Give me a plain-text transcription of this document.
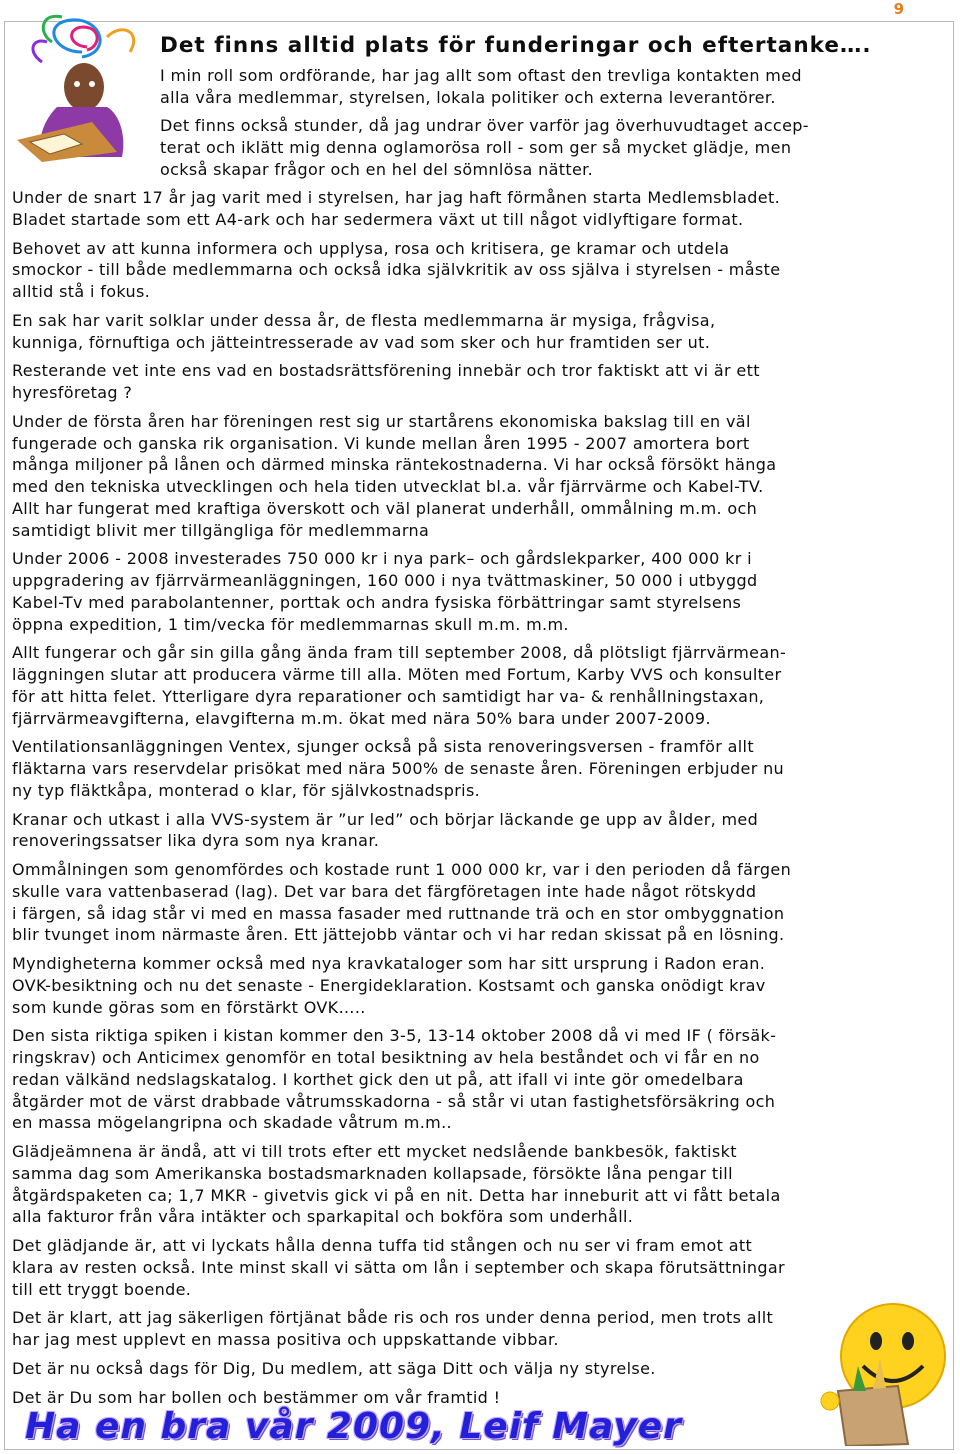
9
Det finns alltid plats för funderingar och eftertanke….

I min roll som ordförande, har jag allt som oftast den trevliga kontakten med
alla våra medlemmar, styrelsen, lokala politiker och externa leverantörer.

Det finns också stunder, då jag undrar över varför jag överhuvudtaget accep-
terat och iklätt mig denna oglamorösa roll - som ger så mycket glädje, men
också skapar frågor och en hel del sömnlösa nätter.

Under de snart 17 år jag varit med i styrelsen, har jag haft förmånen starta Medlemsbladet.
Bladet startade som ett A4-ark och har sedermera växt ut till något vidlyftigare format.

Behovet av att kunna informera och upplysa, rosa och kritisera, ge kramar och utdela
smockor - till både medlemmarna och också idka självkritik av oss själva i styrelsen - måste
alltid stå i fokus.

En sak har varit solklar under dessa år, de flesta medlemmarna är mysiga, frågvisa,
kunniga, förnuftiga och jätteintresserade av vad som sker och hur framtiden ser ut.

Resterande vet inte ens vad en bostadsrättsförening innebär och tror faktiskt att vi är ett
hyresföretag ?

Under de första åren har föreningen rest sig ur startårens ekonomiska bakslag till en väl
fungerade och ganska rik organisation. Vi kunde mellan åren 1995 - 2007 amortera bort
många miljoner på lånen och därmed minska räntekostnaderna. Vi har också försökt hänga
med den tekniska utvecklingen och hela tiden utvecklat bl.a. vår fjärrvärme och Kabel-TV.
Allt har fungerat med kraftiga överskott och väl planerat underhåll, ommålning m.m. och
samtidigt blivit mer tillgängliga för medlemmarna

Under 2006 - 2008 investerades 750 000 kr i nya park– och gårdslekparker, 400 000 kr i
uppgradering av fjärrvärmeanläggningen, 160 000 i nya tvättmaskiner, 50 000 i utbyggd
Kabel-Tv med parabolantenner, porttak och andra fysiska förbättringar samt styrelsens
öppna expedition, 1 tim/vecka för medlemmarnas skull m.m. m.m.

Allt fungerar och går sin gilla gång ända fram till september 2008, då plötsligt fjärrvärmean-
läggningen slutar att producera värme till alla. Möten med Fortum, Karby VVS och konsulter
för att hitta felet. Ytterligare dyra reparationer och samtidigt har va- & renhållningstaxan,
fjärrvärmeavgifterna, elavgifterna m.m. ökat med nära 50% bara under 2007-2009.

Ventilationsanläggningen Ventex, sjunger också på sista renoveringsversen - framför allt
fläktarna vars reservdelar prisökat med nära 500% de senaste åren. Föreningen erbjuder nu
ny typ fläktkåpa, monterad o klar, för självkostnadspris.

Kranar och utkast i alla VVS-system är ”ur led” och börjar läckande ge upp av ålder, med
renoveringssatser lika dyra som nya kranar.

Ommålningen som genomfördes och kostade runt 1 000 000 kr, var i den perioden då färgen
skulle vara vattenbaserad (lag). Det var bara det färgföretagen inte hade något rötskydd
i färgen, så idag står vi med en massa fasader med ruttnande trä och en stor ombyggnation
blir tvunget inom närmaste åren. Ett jättejobb väntar och vi har redan skissat på en lösning.

Myndigheterna kommer också med nya kravkataloger som har sitt ursprung i Radon eran.
OVK-besiktning och nu det senaste - Energideklaration. Kostsamt och ganska onödigt krav
som kunde göras som en förstärkt OVK…..

Den sista riktiga spiken i kistan kommer den 3-5, 13-14 oktober 2008 då vi med IF ( försäk-
ringskrav) och Anticimex genomför en total besiktning av hela beståndet och vi får en no
redan välkänd nedslagskatalog. I korthet gick den ut på, att ifall vi inte gör omedelbara
åtgärder mot de värst drabbade våtrumsskadorna - så står vi utan fastighetsförsäkring och
en massa mögelangripna och skadade våtrum m.m..

Glädjeämnena är ändå, att vi till trots efter ett mycket nedslående bankbesök, faktiskt
samma dag som Amerikanska bostadsmarknaden kollapsade, försökte låna pengar till
åtgärdspaketen ca; 1,7 MKR - givetvis gick vi på en nit. Detta har inneburit att vi fått betala
alla fakturor från våra intäkter och sparkapital och bokföra som underhåll.

Det glädjande är, att vi lyckats hålla denna tuffa tid stången och nu ser vi fram emot att
klara av resten också. Inte minst skall vi sätta om lån i september och skapa förutsättningar
till ett tryggt boende.

Det är klart, att jag säkerligen förtjänat både ris och ros under denna period, men trots allt
har jag mest upplevt en massa positiva och uppskattande vibbar.

Det är nu också dags för Dig, Du medlem, att säga Ditt och välja ny styrelse.

Det är Du som har bollen och bestämmer om vår framtid !

Ha en bra vår 2009, Leif Mayer
